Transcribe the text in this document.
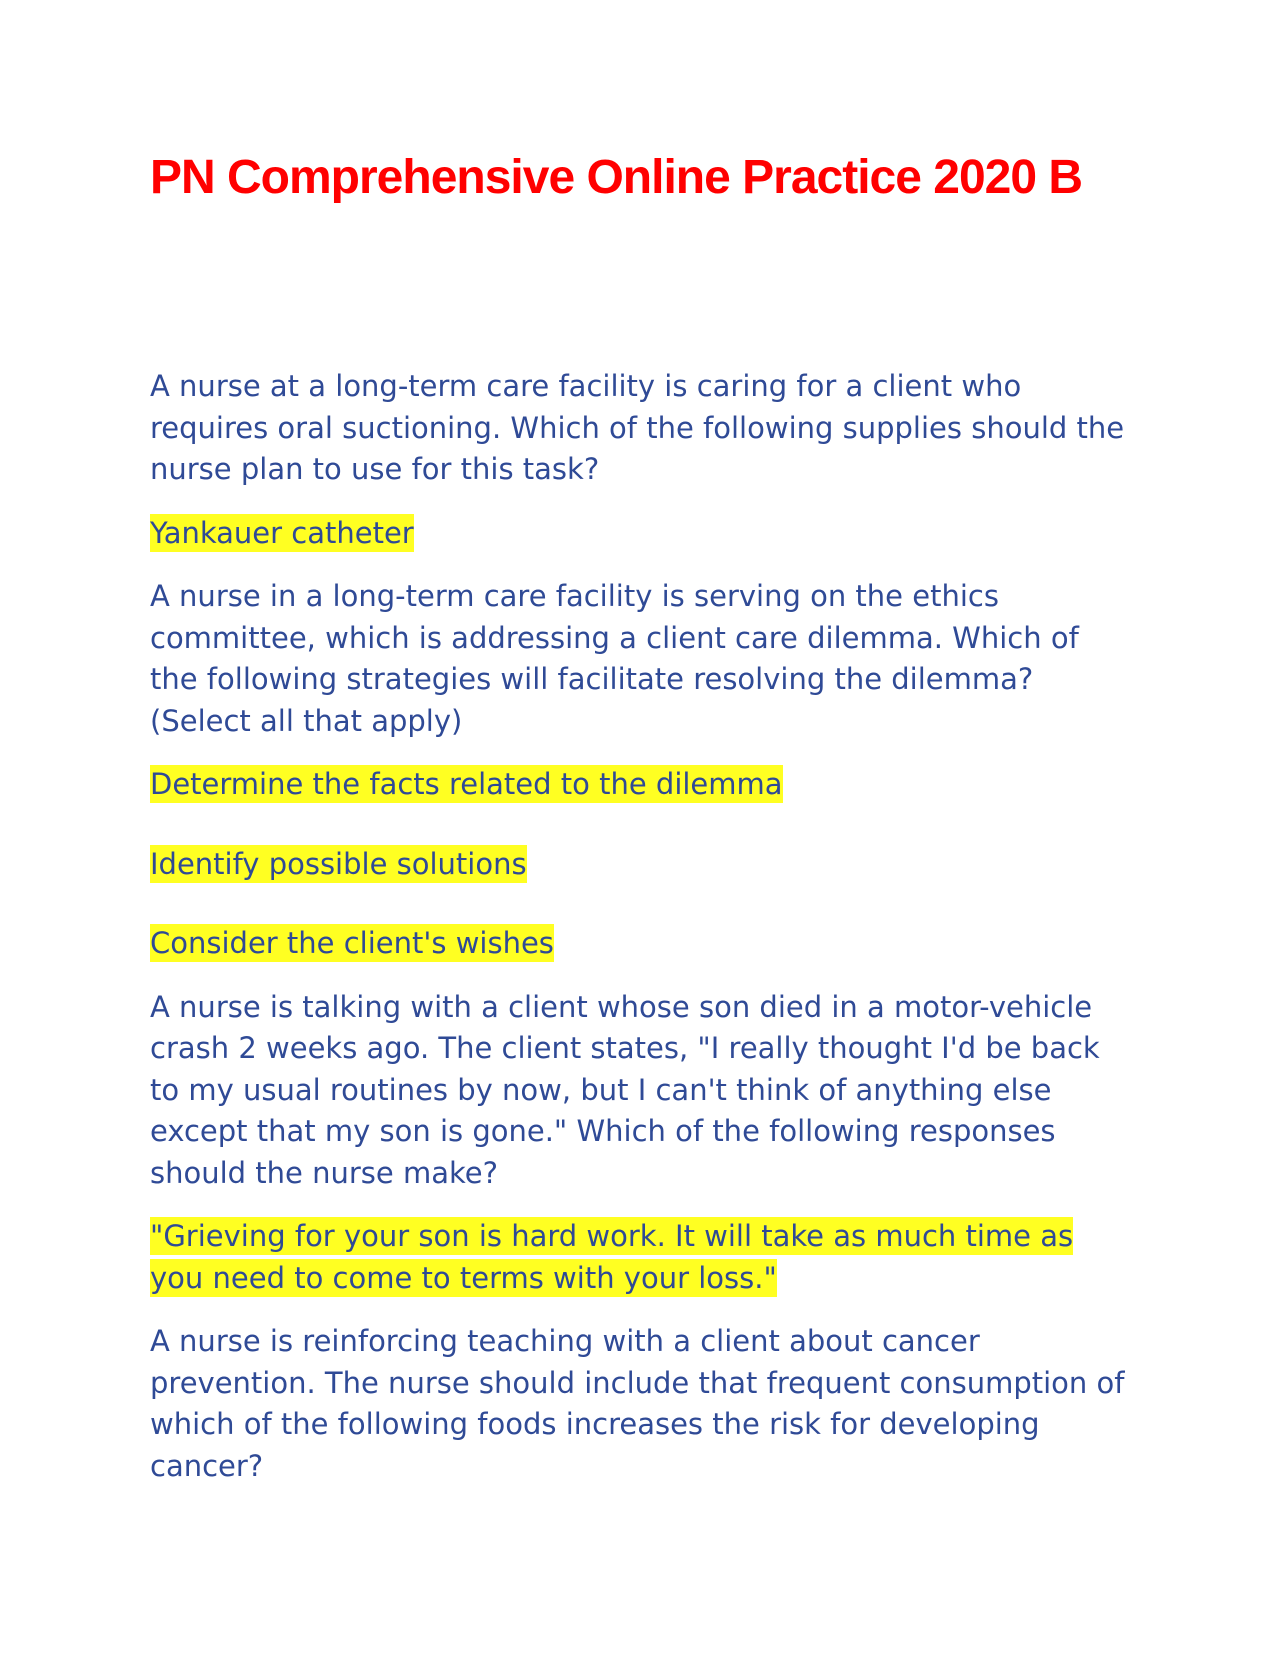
PN Comprehensive Online Practice 2020 B

A nurse at a long-term care facility is caring for a client who requires oral suctioning. Which of the following supplies should the nurse plan to use for this task?

Yankauer catheter

A nurse in a long-term care facility is serving on the ethics committee, which is addressing a client care dilemma. Which of the following strategies will facilitate resolving the dilemma? (Select all that apply)

Determine the facts related to the dilemma

Identify possible solutions

Consider the client's wishes

A nurse is talking with a client whose son died in a motor-vehicle crash 2 weeks ago. The client states, "I really thought I'd be back to my usual routines by now, but I can't think of anything else except that my son is gone." Which of the following responses should the nurse make?

"Grieving for your son is hard work. It will take as much time as you need to come to terms with your loss."

A nurse is reinforcing teaching with a client about cancer prevention. The nurse should include that frequent consumption of which of the following foods increases the risk for developing cancer?
